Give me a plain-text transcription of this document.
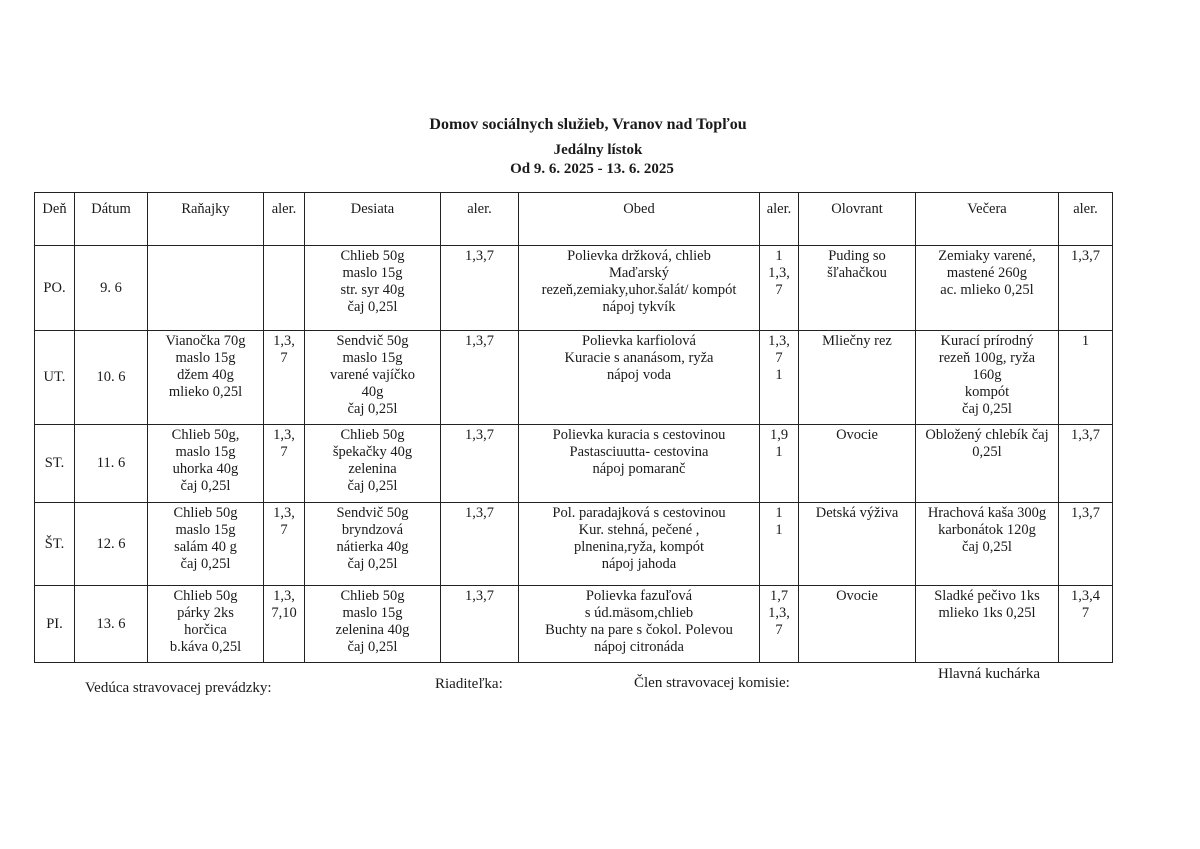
Domov sociálnych služieb, Vranov nad Topľou
Jedálny lístok
Od 9. 6. 2025 - 13. 6. 2025
Deň	Dátum	Raňajky	aler.	Desiata	aler.	Obed	aler.	Olovrant	Večera	aler.
PO.	9. 6			Chlieb 50g
maslo 15g
str. syr 40g
čaj 0,25l	1,3,7	Polievka držková, chlieb
Maďarský
rezeň,zemiaky,uhor.šalát/ kompót
nápoj tykvík	1
1,3,
7	Puding so
šľahačkou	Zemiaky varené,
mastené 260g
ac. mlieko 0,25l	1,3,7

UT.	10. 6	Vianočka 70g
maslo 15g
džem 40g
mlieko 0,25l	1,3,
7	Sendvič 50g
maslo 15g
varené vajíčko
40g
čaj 0,25l	1,3,7	Polievka karfiolová
Kuracie s ananásom, ryža
nápoj voda	1,3,
7
1	Mliečny rez	Kurací prírodný
rezeň 100g, ryža
160g
kompót
čaj 0,25l	1

ST.	11. 6	Chlieb 50g,
maslo 15g
uhorka 40g
čaj 0,25l	1,3,
7	Chlieb 50g
špekačky 40g
zelenina
čaj 0,25l	1,3,7	Polievka kuracia s cestovinou
Pastasciuutta- cestovina
nápoj pomaranč	1,9
1	Ovocie	Obložený chlebík čaj
0,25l	1,3,7

ŠT.	12. 6	Chlieb 50g
maslo 15g
salám 40 g
čaj 0,25l	1,3,
7	Sendvič 50g
bryndzová
nátierka 40g
čaj 0,25l	1,3,7	Pol. paradajková s cestovinou
Kur. stehná, pečené ,
plnenina,ryža, kompót
nápoj jahoda	1
1	Detská výživa	Hrachová kaša 300g
karbonátok 120g
čaj 0,25l	1,3,7

PI.	13. 6	Chlieb 50g
párky 2ks
horčica
b.káva 0,25l	1,3,
7,10	Chlieb 50g
maslo 15g
zelenina 40g
čaj 0,25l	1,3,7	Polievka fazuľová
s úd.mäsom,chlieb
Buchty na pare s čokol. Polevou
nápoj citronáda	1,7
1,3,
7	Ovocie	Sladké pečivo 1ks
mlieko 1ks 0,25l	1,3,4
7
Vedúca stravovacej prevádzky:	Riaditeľka:	Člen stravovacej komisie:
Hlavná kuchárka
